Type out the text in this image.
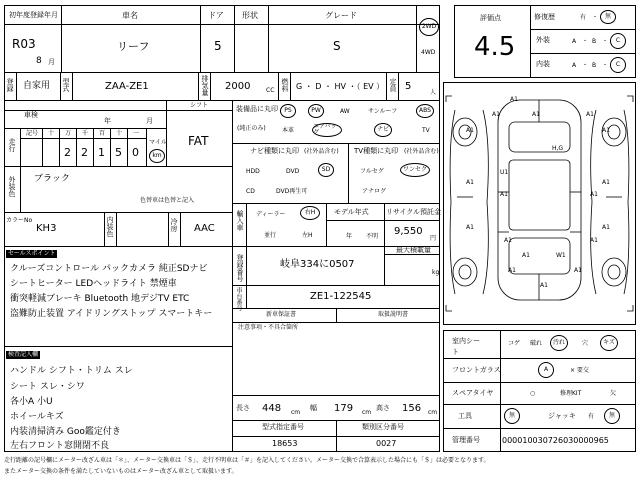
初年度登録年月
R03
8 月
車名
リーフ
ドア
5
形状	グレード
S
2WD
4WD
登録 自家用 型式	ZAA-ZE1	排気量 2000	CC 燃料 G ・ D ・ HV ・（ EV ） 定員 5
人
車検
年	月
シフト
FAT
走行
記号 十 万 千 百 十 一
2 2 1 5 0
マイル
km
外装色 ブラック
色替車は色替と記入
カラーNo
KH3	内装色	冷房 AAC
セールスポイント
クルーズコントロール パックカメラ 純正SDナビ
シートヒーター LEDヘッドライト 禁煙車
衝突軽減ブレーキ Bluetooth 地デジTV ETC
盗難防止装置 アイドリングストップ スマートキー
検査記入欄
ハンドル シフト・トリム スレ
シート スレ・シワ
各小A 小U
ホイールキズ
内装清掃済み Goo鑑定付き
左右フロント窓開閉不良
装備品に丸印
(純正のみ)
PS	PW	AW	サンルーフ	ABS
本革
エアバッグ	ナビ	TV
ナビ種類に丸印 (社外品含む)
HDD	DVD	SD
CD	DVD再生可
TV種類に丸印 (社外品含む)
フルセグ	ワンセグ
アナログ
輸入車 ディーラー	右H
並行	左H
モデル年式
年 不明
リサイクル預託金
9,550
円
登録番号	岐阜334に0507
最大積載量
kg
車台番号	ZE1-122545
新車保証書	取扱説明書
注意事項・不具合箇所
長さ 448 cm
幅 179 cm
高さ 156 cm
型式指定番号
18653
類別区分番号
0027
評価点
4.5
修復歴	有 ・ 無
外装	A ・ B ・ C
内装	A ・ B ・ C
A1
A1	A1	A1
A1	A1
U1
A1	A1
A1	A1
A1	A1
A1	A1
A1	W1
A1	A1
A1
H,G
室内シート
コゲ 破れ 汚れ	穴	キズ
フロントガラス	A	× 要交
スペアタイヤ	○	修理KIT	欠
工具	無	ジャッキ 有 無
管理番号	000010030726030000965
走行距離の記号欄にメーター改ざん車は「＊」、メーター交換車は「＄」、走行不明車は「＃」を記入してください。メーター交換で合算表示した場合にも「＄」は必要となります。
またメーター交換の条件を満たしていないものはメーター改ざん車として取扱います。
